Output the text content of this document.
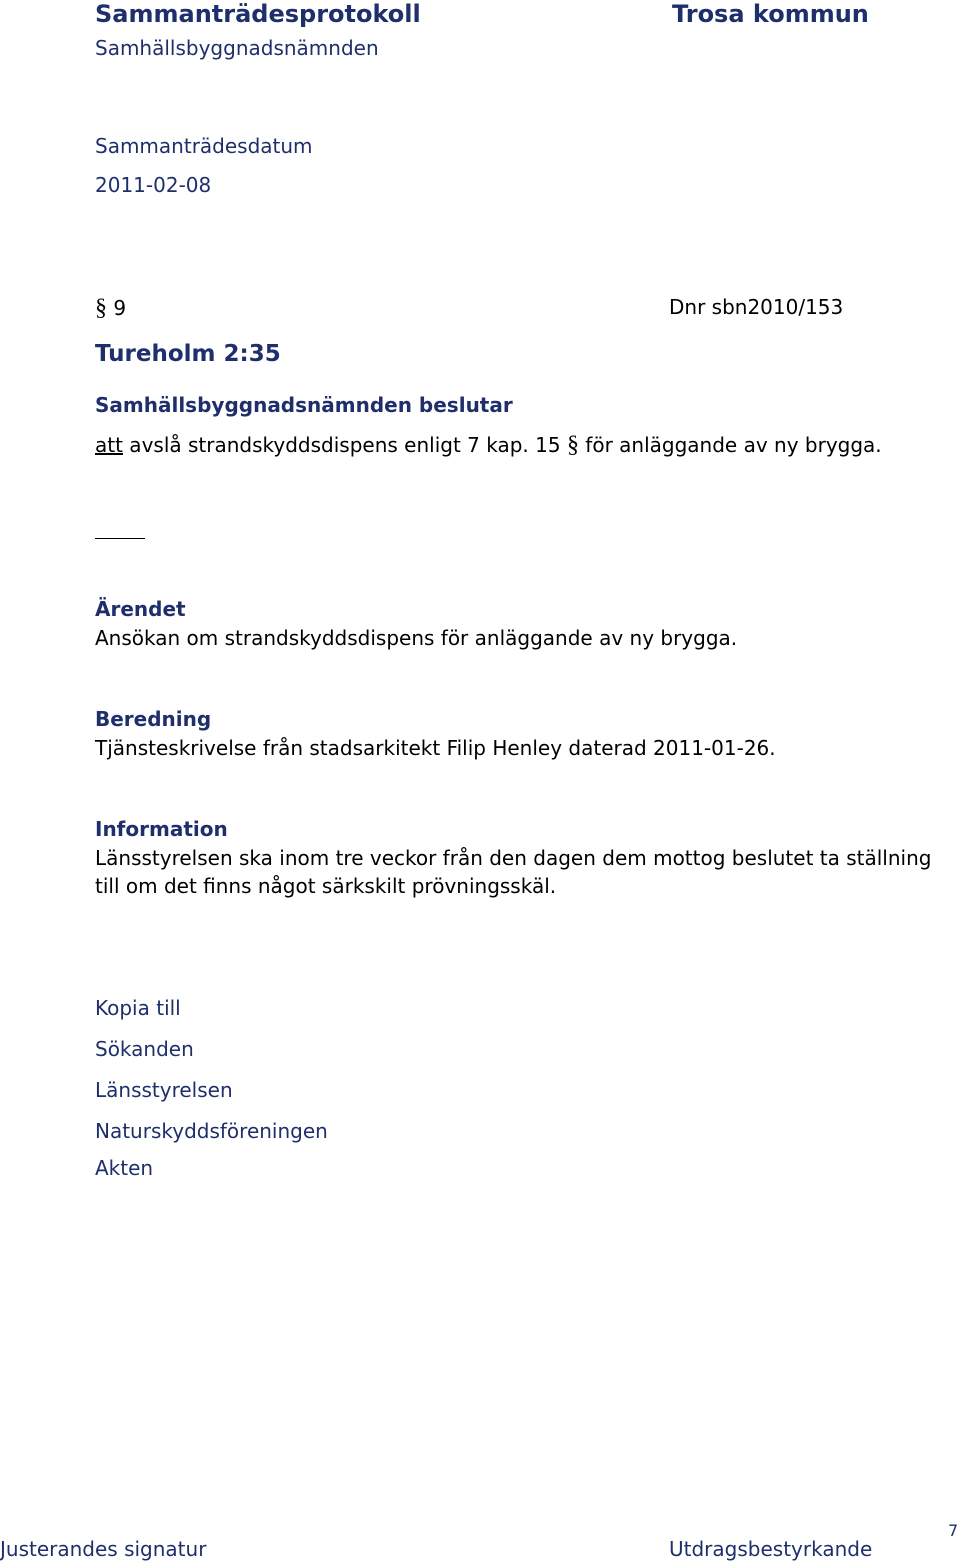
Sammanträdesprotokoll	Trosa kommun
Samhällsbyggnadsnämnden
Sammanträdesdatum
2011-02-08
§ 9	Dnr sbn2010/153
Tureholm 2:35
Samhällsbyggnadsnämnden beslutar
att avslå strandskyddsdispens enligt 7 kap. 15 § för anläggande av ny brygga.
Ärendet
Ansökan om strandskyddsdispens för anläggande av ny brygga.
Beredning
Tjänsteskrivelse från stadsarkitekt Filip Henley daterad 2011-01-26.
Information
Länsstyrelsen ska inom tre veckor från den dagen dem mottog beslutet ta ställning
till om det finns något särkskilt prövningsskäl.
Kopia till
Sökanden
Länsstyrelsen
Naturskyddsföreningen
Akten
Justerandes signatur	Utdragsbestyrkande
7
